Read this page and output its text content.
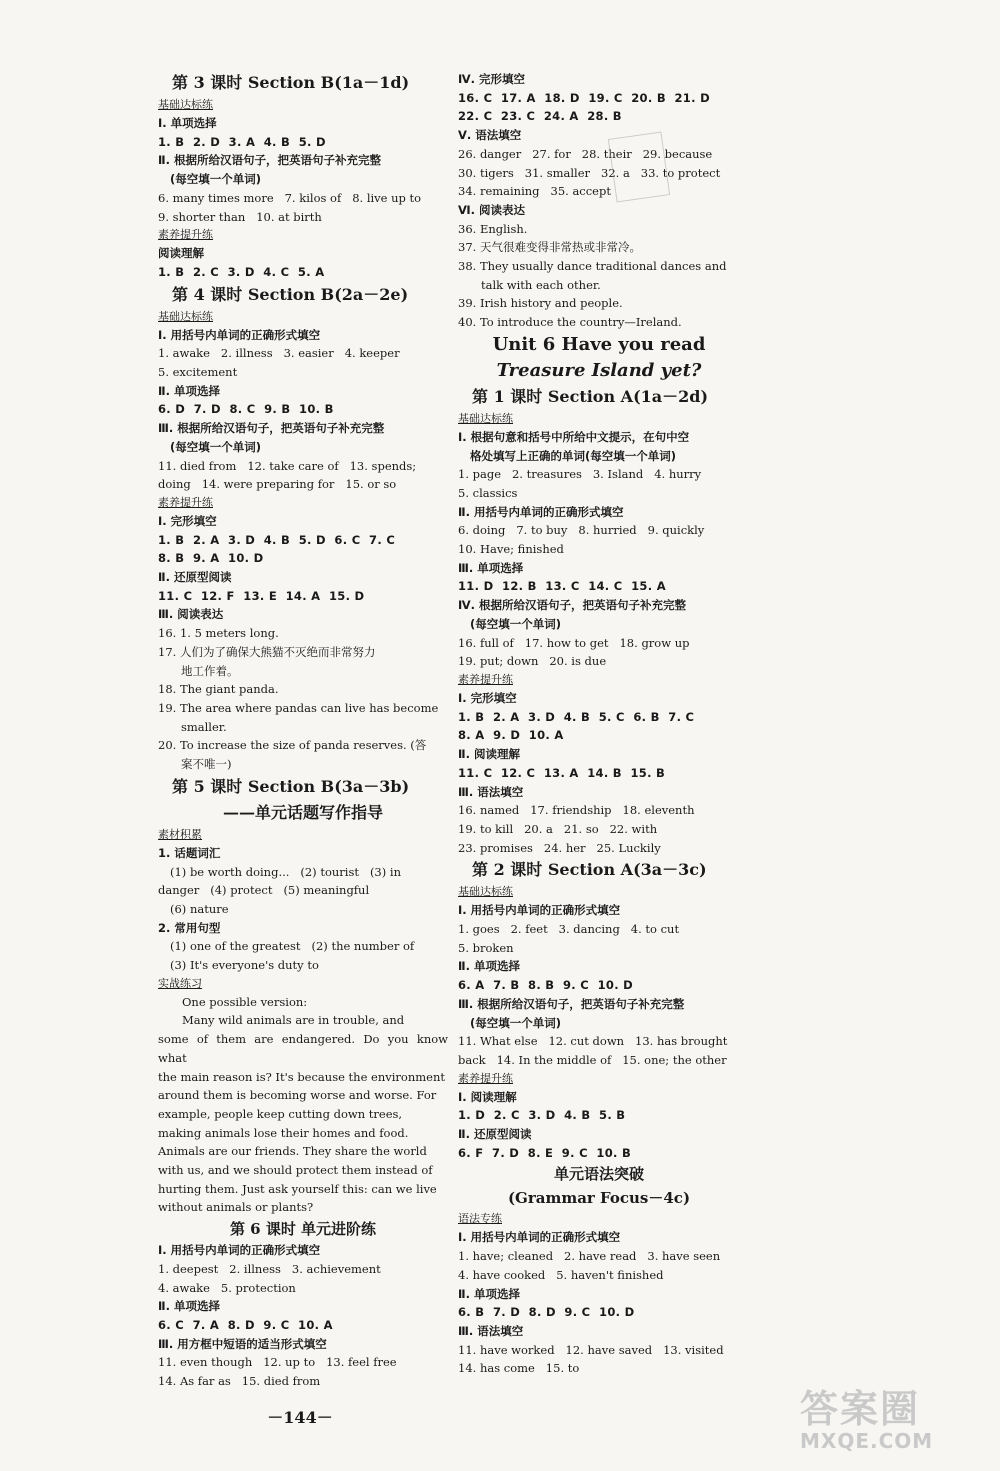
第 3 课时 Section B(1a－1d)
基础达标练
Ⅰ. 单项选择
1. B  2. D  3. A  4. B  5. D
Ⅱ. 根据所给汉语句子，把英语句子补充完整
(每空填一个单词)
6. many times more   7. kilos of   8. live up to
9. shorter than   10. at birth
素养提升练
阅读理解
1. B  2. C  3. D  4. C  5. A
第 4 课时 Section B(2a－2e)
基础达标练
Ⅰ. 用括号内单词的正确形式填空
1. awake   2. illness   3. easier   4. keeper
5. excitement
Ⅱ. 单项选择
6. D  7. D  8. C  9. B  10. B
Ⅲ. 根据所给汉语句子，把英语句子补充完整
(每空填一个单词)
11. died from   12. take care of   13. spends;
doing   14. were preparing for   15. or so
素养提升练
Ⅰ. 完形填空
1. B  2. A  3. D  4. B  5. D  6. C  7. C
8. B  9. A  10. D
Ⅱ. 还原型阅读
11. C  12. F  13. E  14. A  15. D
Ⅲ. 阅读表达
16. 1. 5 meters long.
17. 人们为了确保大熊猫不灭绝而非常努力
地工作着。
18. The giant panda.
19. The area where pandas can live has become
smaller.
20. To increase the size of panda reserves. (答
案不唯一)
第 5 课时 Section B(3a－3b)
——单元话题写作指导
素材积累
1. 话题词汇
(1) be worth doing...   (2) tourist   (3) in
danger   (4) protect   (5) meaningful
(6) nature
2. 常用句型
(1) one of the greatest   (2) the number of
(3) It's everyone's duty to
实战练习
One possible version:
Many wild animals are in trouble, and
some of them are endangered. Do you know what
the main reason is? It's because the environment
around them is becoming worse and worse. For
example, people keep cutting down trees,
making animals lose their homes and food.
Animals are our friends. They share the world
with us, and we should protect them instead of
hurting them. Just ask yourself this: can we live
without animals or plants?
第 6 课时 单元进阶练
Ⅰ. 用括号内单词的正确形式填空
1. deepest   2. illness   3. achievement
4. awake   5. protection
Ⅱ. 单项选择
6. C  7. A  8. D  9. C  10. A
Ⅲ. 用方框中短语的适当形式填空
11. even though   12. up to   13. feel free
14. As far as   15. died from
Ⅳ. 完形填空
16. C  17. A  18. D  19. C  20. B  21. D
22. C  23. C  24. A  28. B
Ⅴ. 语法填空
26. danger   27. for   28. their   29. because
30. tigers   31. smaller   32. a   33. to protect
34. remaining   35. accept
Ⅵ. 阅读表达
36. English.
37. 天气很难变得非常热或非常冷。
38. They usually dance traditional dances and
talk with each other.
39. Irish history and people.
40. To introduce the country—Ireland.
Unit 6 Have you read
Treasure Island yet?
第 1 课时 Section A(1a－2d)
基础达标练
Ⅰ. 根据句意和括号中所给中文提示，在句中空
格处填写上正确的单词(每空填一个单词)
1. page   2. treasures   3. Island   4. hurry
5. classics
Ⅱ. 用括号内单词的正确形式填空
6. doing   7. to buy   8. hurried   9. quickly
10. Have; finished
Ⅲ. 单项选择
11. D  12. B  13. C  14. C  15. A
Ⅳ. 根据所给汉语句子，把英语句子补充完整
(每空填一个单词)
16. full of   17. how to get   18. grow up
19. put; down   20. is due
素养提升练
Ⅰ. 完形填空
1. B  2. A  3. D  4. B  5. C  6. B  7. C
8. A  9. D  10. A
Ⅱ. 阅读理解
11. C  12. C  13. A  14. B  15. B
Ⅲ. 语法填空
16. named   17. friendship   18. eleventh
19. to kill   20. a   21. so   22. with
23. promises   24. her   25. Luckily
第 2 课时 Section A(3a－3c)
基础达标练
Ⅰ. 用括号内单词的正确形式填空
1. goes   2. feet   3. dancing   4. to cut
5. broken
Ⅱ. 单项选择
6. A  7. B  8. B  9. C  10. D
Ⅲ. 根据所给汉语句子，把英语句子补充完整
(每空填一个单词)
11. What else   12. cut down   13. has brought
back   14. In the middle of   15. one; the other
素养提升练
Ⅰ. 阅读理解
1. D  2. C  3. D  4. B  5. B
Ⅱ. 还原型阅读
6. F  7. D  8. E  9. C  10. B
单元语法突破
(Grammar Focus－4c)
语法专练
Ⅰ. 用括号内单词的正确形式填空
1. have; cleaned   2. have read   3. have seen
4. have cooked   5. haven't finished
Ⅱ. 单项选择
6. B  7. D  8. D  9. C  10. D
Ⅲ. 语法填空
11. have worked   12. have saved   13. visited
14. has come   15. to
－144－	答案圈
MXQE.COM
